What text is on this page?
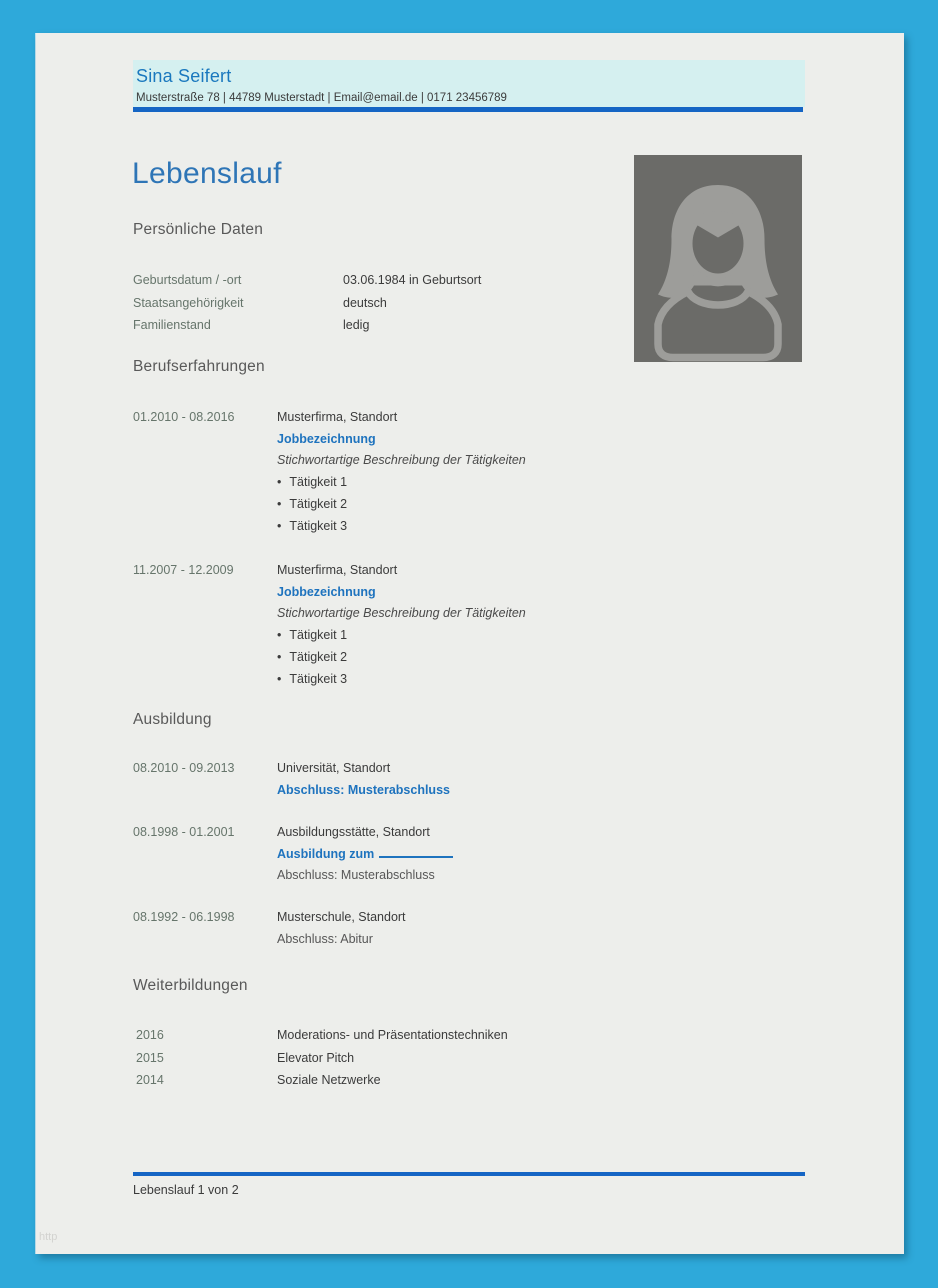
Sina Seifert
Musterstraße 78 | 44789 Musterstadt | Email@email.de | 0171 23456789
Lebenslauf
Persönliche Daten
Geburtsdatum / -ort	03.06.1984 in Geburtsort
Staatsangehörigkeit	deutsch
Familienstand	ledig
Berufserfahrungen
01.2010 - 08.2016	Musterfirma, Standort
Jobbezeichnung
Stichwortartige Beschreibung der Tätigkeiten
• Tätigkeit 1
• Tätigkeit 2
• Tätigkeit 3
11.2007 - 12.2009	Musterfirma, Standort
Jobbezeichnung
Stichwortartige Beschreibung der Tätigkeiten
• Tätigkeit 1
• Tätigkeit 2
• Tätigkeit 3
Ausbildung
08.2010 - 09.2013	Universität, Standort
Abschluss: Musterabschluss
08.1998 - 01.2001	Ausbildungsstätte, Standort
Ausbildung zum
Abschluss: Musterabschluss
08.1992 - 06.1998	Musterschule, Standort
Abschluss: Abitur
Weiterbildungen
2016	Moderations- und Präsentationstechniken
2015	Elevator Pitch
2014	Soziale Netzwerke
Lebenslauf 1 von 2
http
